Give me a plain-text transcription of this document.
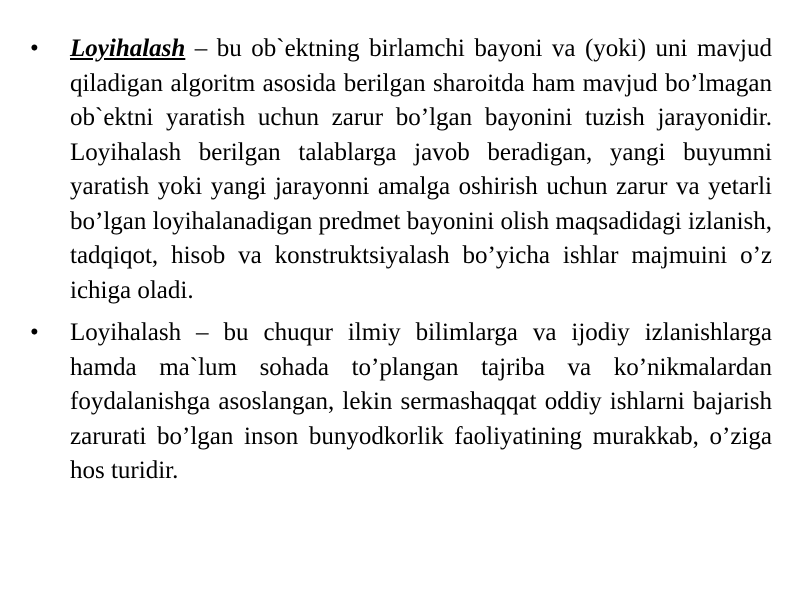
• Loyihalash – bu ob`ektning birlamchi bayoni va (yoki) uni mavjud qiladigan algoritm asosida berilgan sharoitda ham mavjud bo’lmagan ob`ektni yaratish uchun zarur bo’lgan bayonini tuzish jarayonidir. Loyihalash berilgan talablarga javob beradigan, yangi buyumni yaratish yoki yangi jarayonni amalga oshirish uchun zarur va yetarli bo’lgan loyihalanadigan predmet bayonini olish maqsadidagi izlanish, tadqiqot, hisob va konstruktsiyalash bo’yicha ishlar majmuini o’z ichiga oladi.
• Loyihalash – bu chuqur ilmiy bilimlarga va ijodiy izlanishlarga hamda ma`lum sohada to’plangan tajriba va ko’nikmalardan foydalanishga asoslangan, lekin sermashaqqat oddiy ishlarni bajarish zarurati bo’lgan inson bunyodkorlik faoliyatining murakkab, o’ziga hos turidir.
